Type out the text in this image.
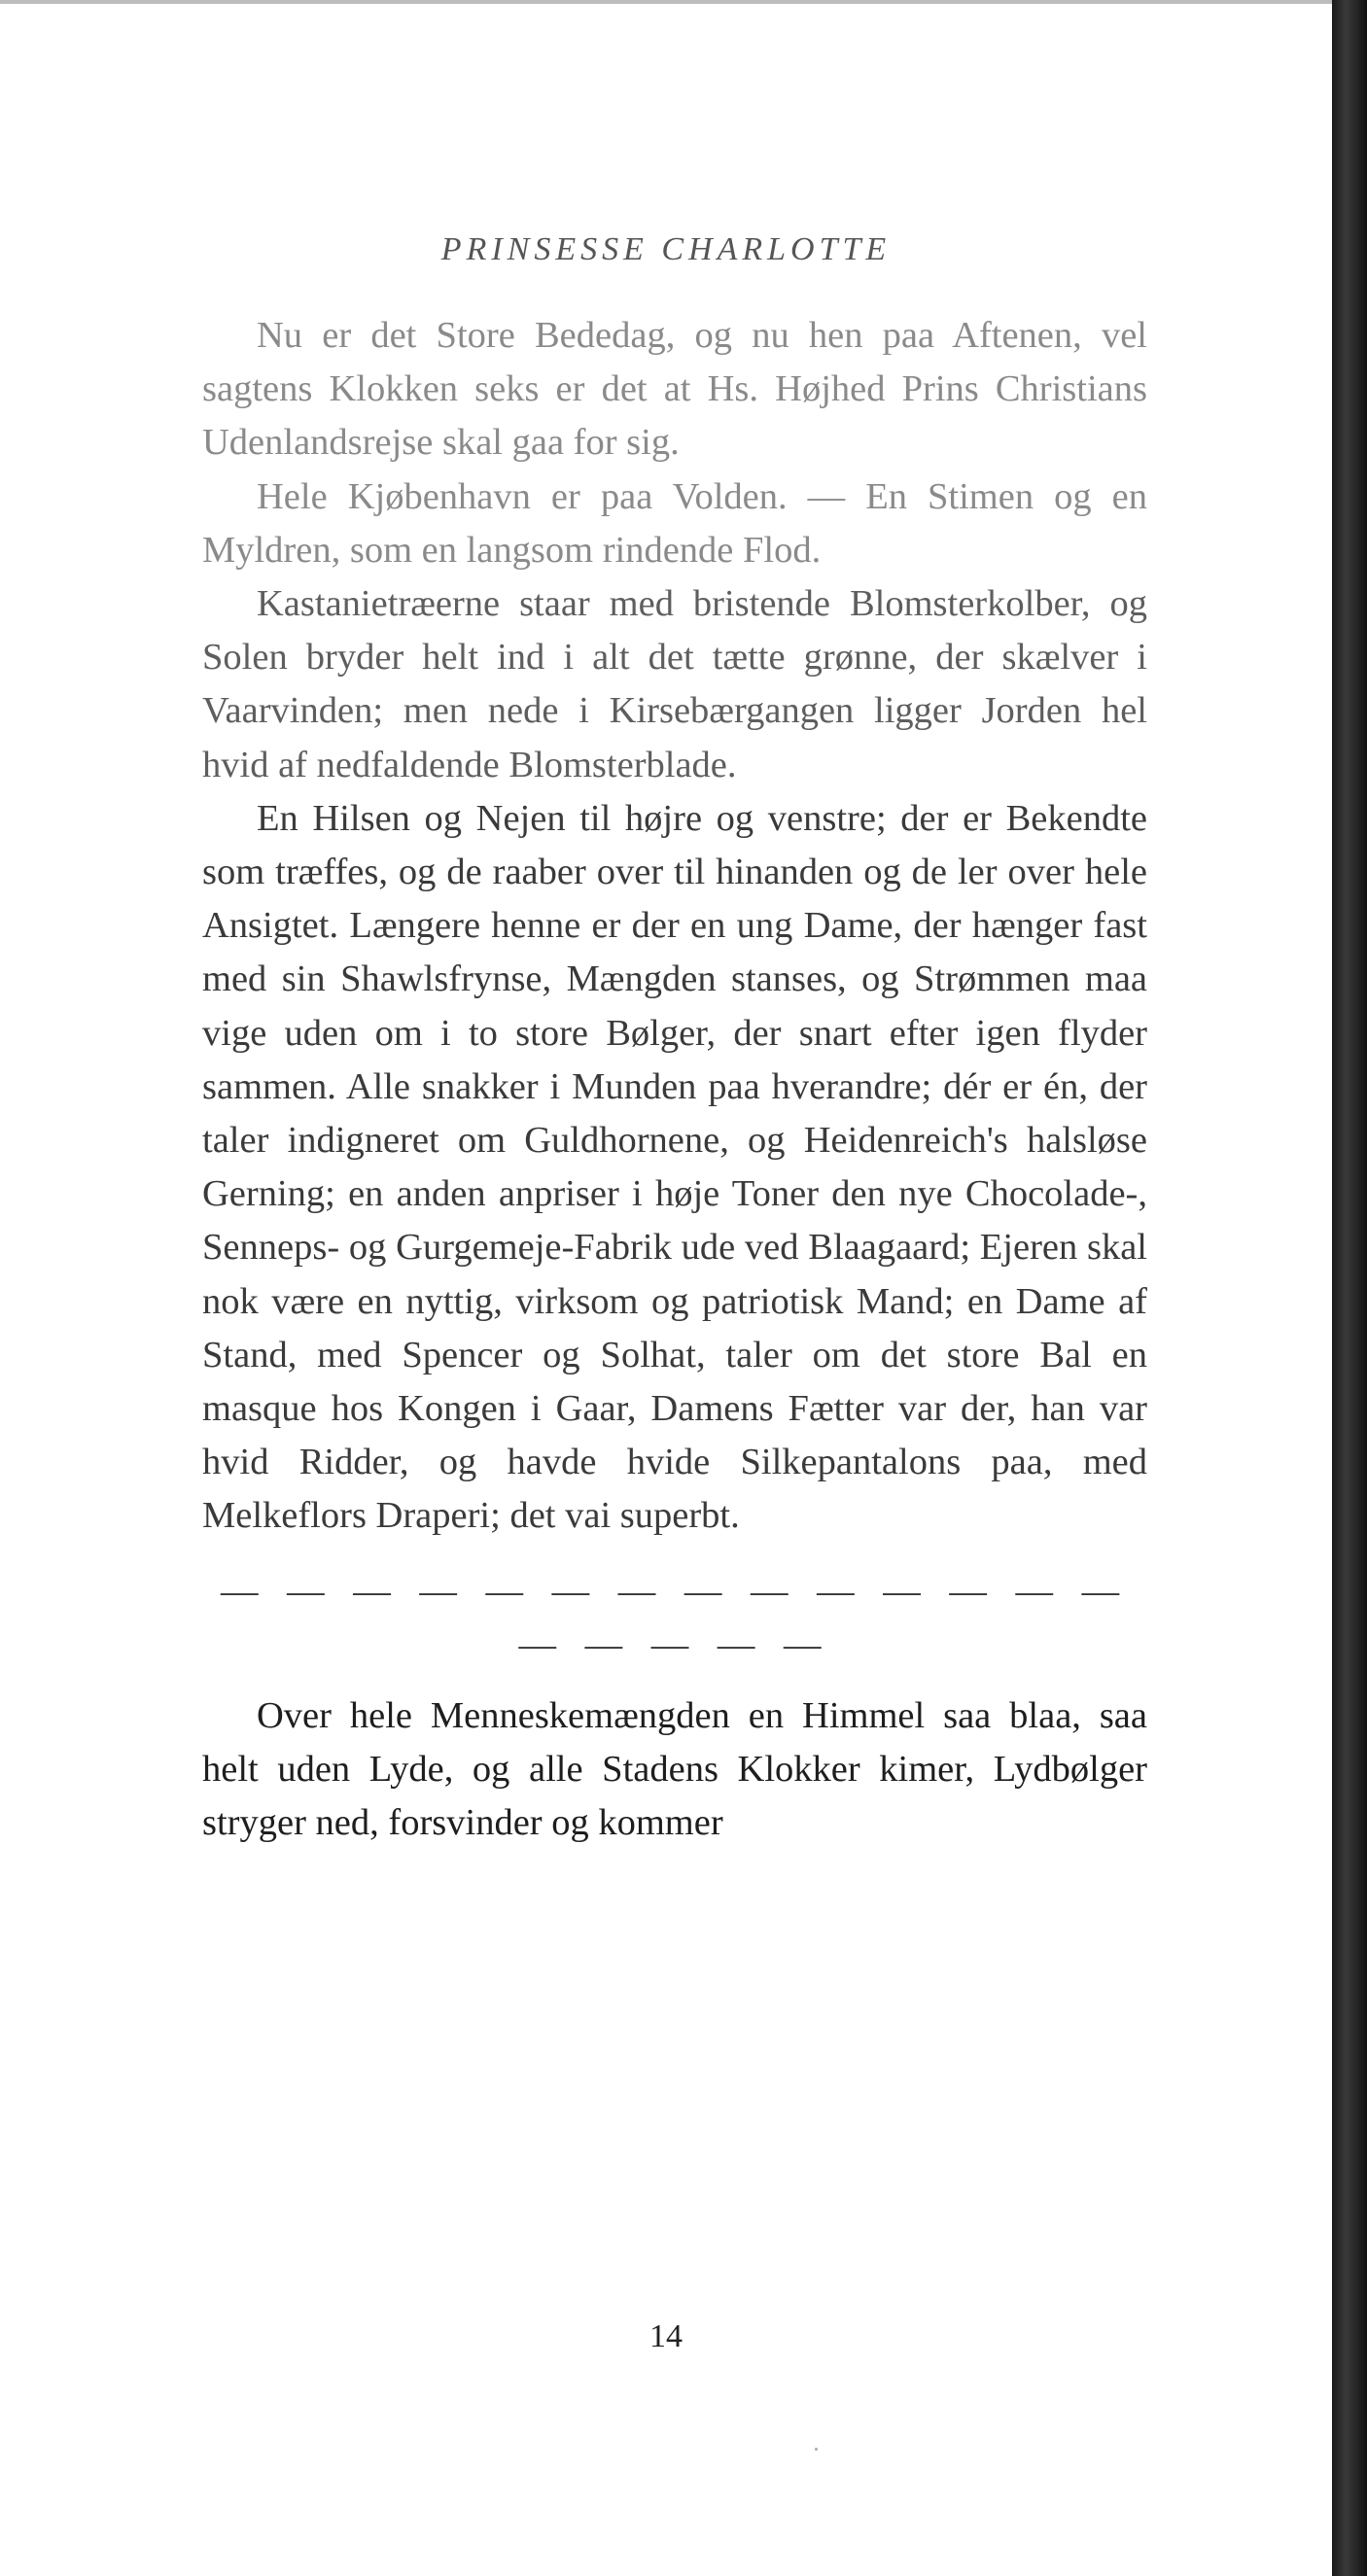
PRINSESSE CHARLOTTE

Nu er det Store Bededag, og nu hen paa Aftenen, vel sagtens Klokken seks er det at Hs. Højhed Prins Christians Udenlandsrejse skal gaa for sig.

Hele Kjøbenhavn er paa Volden. — En Stimen og en Myldren, som en langsom rindende Flod.

Kastanietræerne staar med bristende Blomsterkolber, og Solen bryder helt ind i alt det tætte grønne, der skælver i Vaarvinden; men nede i Kirsebærgangen ligger Jorden hel hvid af nedfaldende Blomsterblade.

En Hilsen og Nejen til højre og venstre; der er Bekendte som træffes, og de raaber over til hinanden og de ler over hele Ansigtet. Længere henne er der en ung Dame, der hænger fast med sin Shawlsfrynse, Mængden stanses, og Strømmen maa vige uden om i to store Bølger, der snart efter igen flyder sammen. Alle snakker i Munden paa hverandre; dér er én, der taler indigneret om Guldhornene, og Heidenreich's halsløse Gerning; en anden anpriser i høje Toner den nye Chocolade-, Senneps- og Gurgemeje-Fabrik ude ved Blaagaard; Ejeren skal nok være en nyttig, virksom og patriotisk Mand; en Dame af Stand, med Spencer og Solhat, taler om det store Bal en masque hos Kongen i Gaar, Damens Fætter var der, han var hvid Ridder, og havde hvide Silkepantalons paa, med Melkeflors Draperi; det vai superbt.

— — — — — — — — — — — — — — — — — — —

Over hele Menneskemængden en Himmel saa blaa, saa helt uden Lyde, og alle Stadens Klokker kimer, Lydbølger stryger ned, forsvinder og kommer

14
